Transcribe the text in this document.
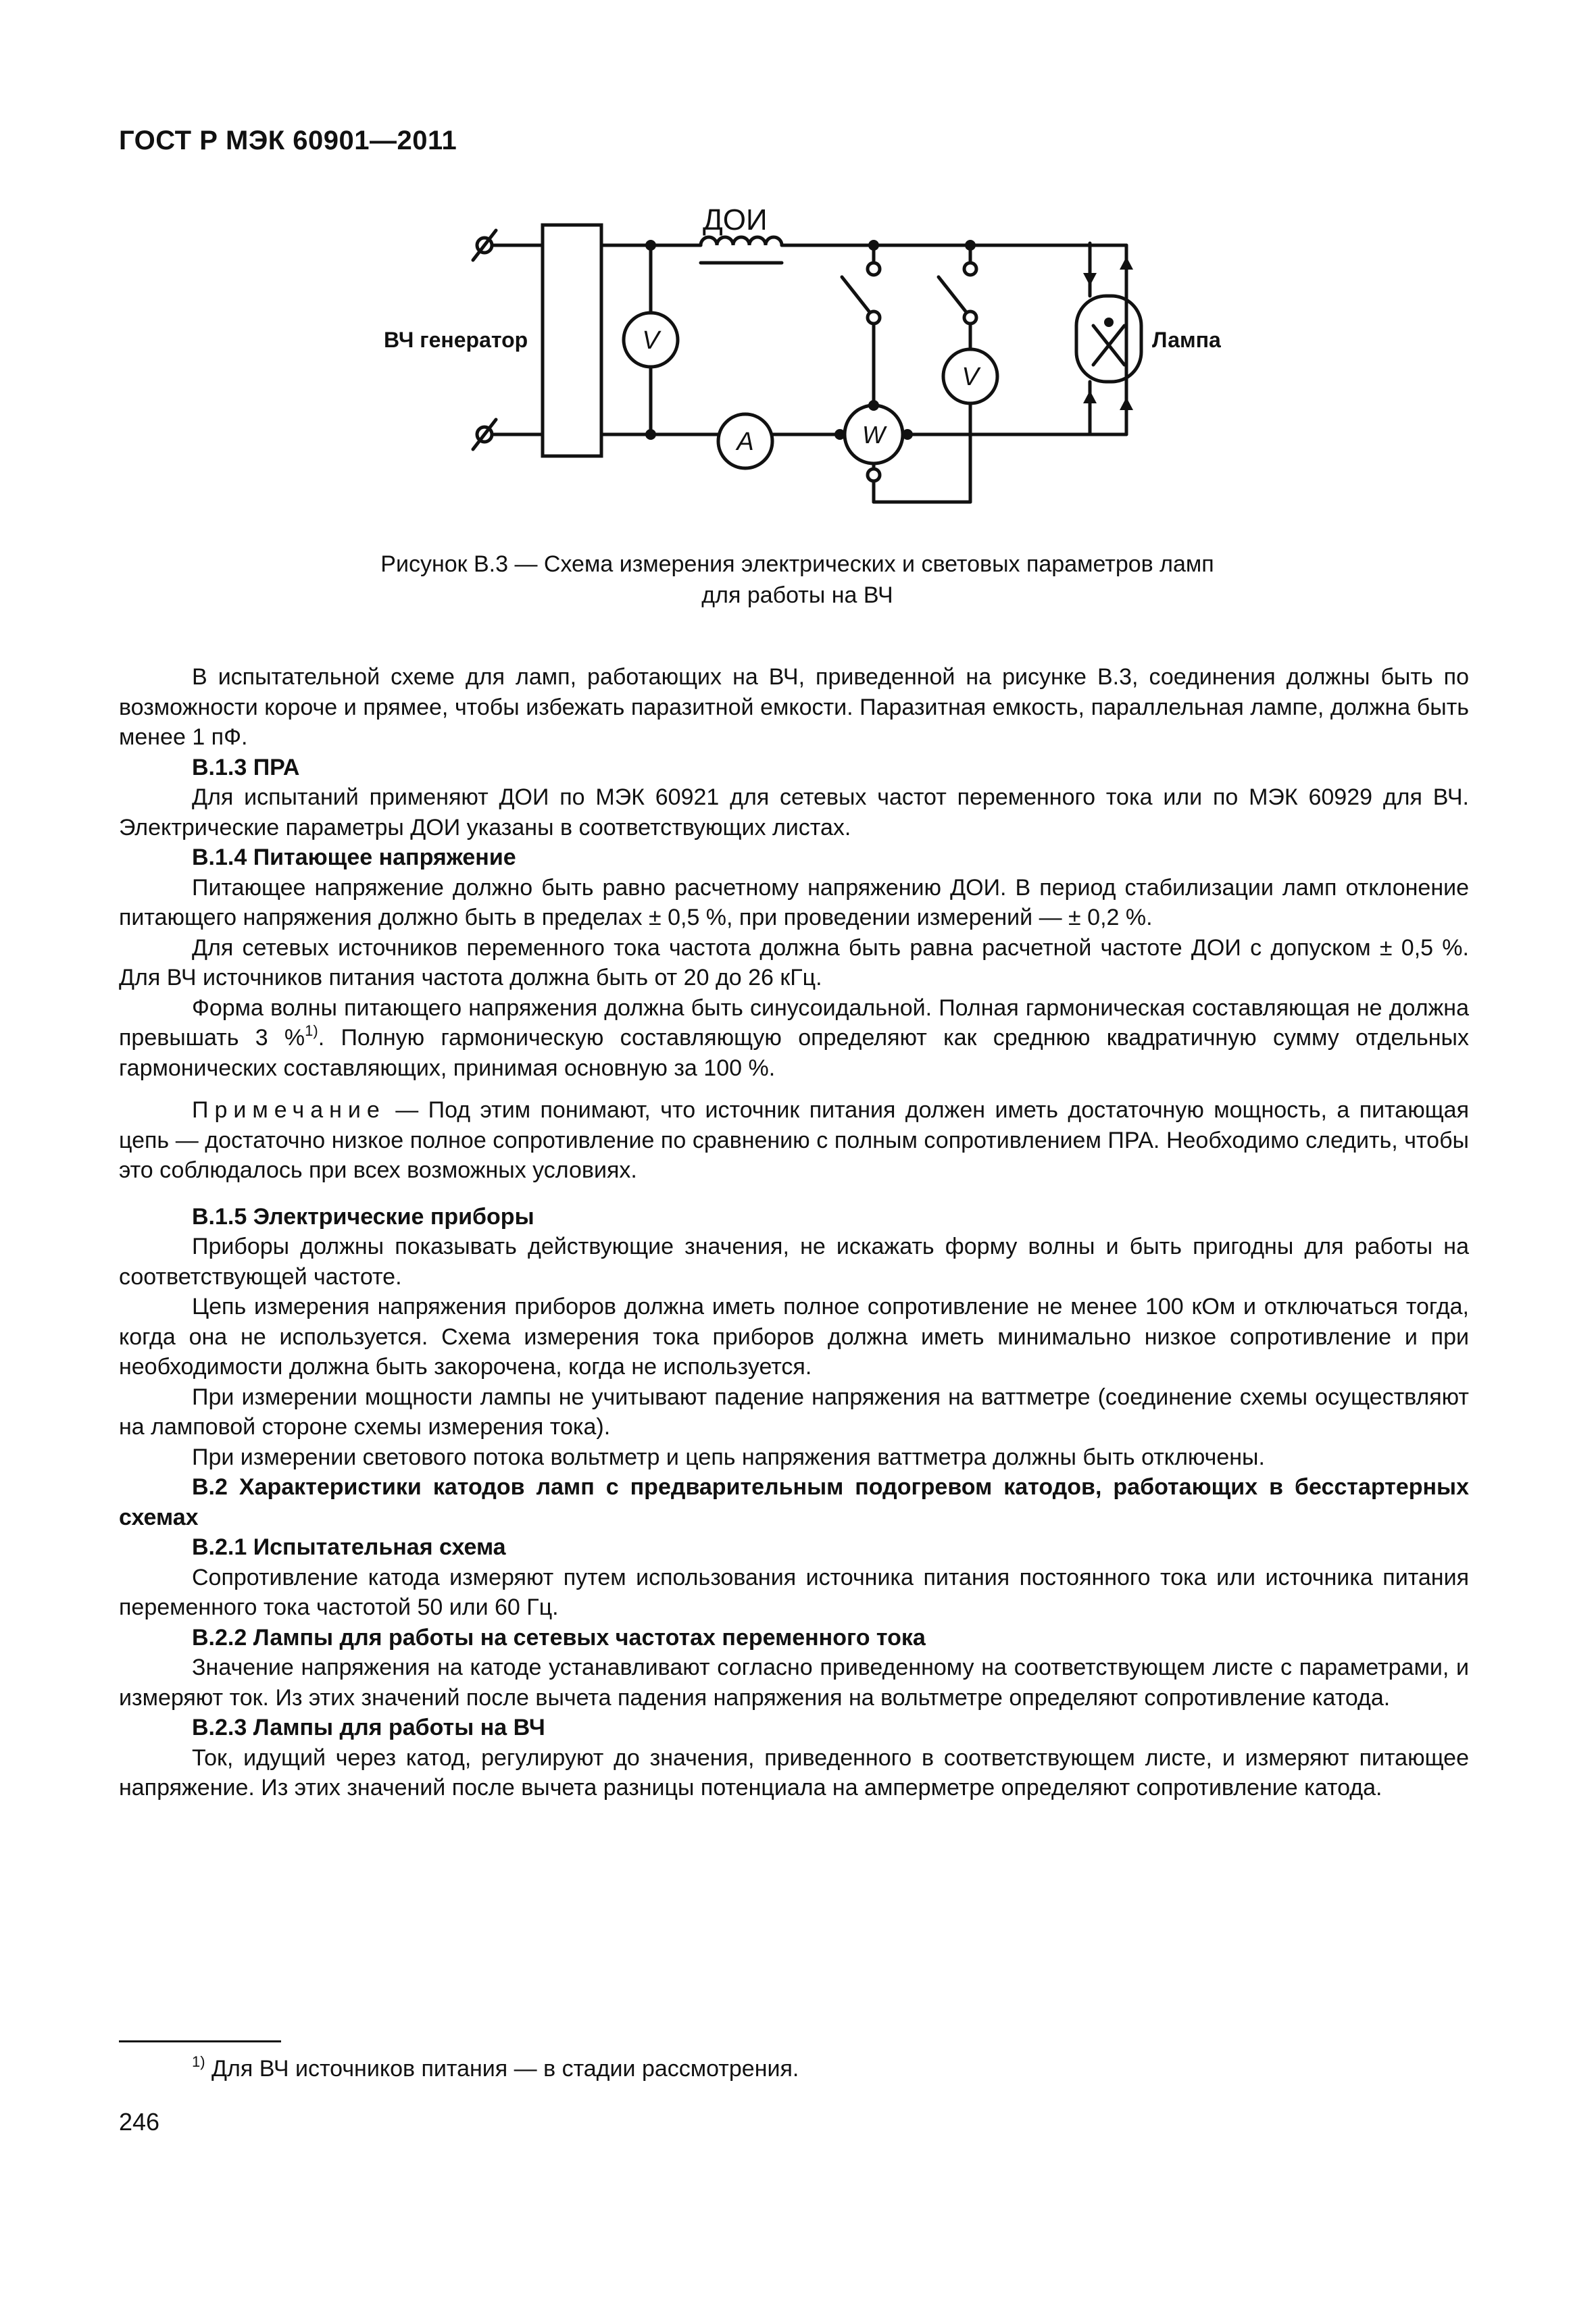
ГОСТ Р МЭК 60901—2011
ВЧ генератор
ДОИ
Лампа
V
A	W
V
Рисунок В.3 — Схема измерения электрических и световых параметров ламп
для работы на ВЧ

В испытательной схеме для ламп, работающих на ВЧ, приведенной на рисунке В.3, соединения должны быть по возможности короче и прямее, чтобы избежать паразитной емкости. Паразитная емкость, параллельная лампе, должна быть менее 1 пФ.

В.1.3 ПРА

Для испытаний применяют ДОИ по МЭК 60921 для сетевых частот переменного тока или по МЭК 60929 для ВЧ. Электрические параметры ДОИ указаны в соответствующих листах.

В.1.4 Питающее напряжение

Питающее напряжение должно быть равно расчетному напряжению ДОИ. В период стабилизации ламп отклонение питающего напряжения должно быть в пределах ± 0,5 %, при проведении измерений — ± 0,2 %.

Для сетевых источников переменного тока частота должна быть равна расчетной частоте ДОИ с допуском ± 0,5 %. Для ВЧ источников питания частота должна быть от 20 до 26 кГц.

Форма волны питающего напряжения должна быть синусоидальной. Полная гармоническая составляющая не должна превышать 3 %$^{1)}$. Полную гармоническую составляющую определяют как среднюю квадратичную сумму отдельных гармонических составляющих, принимая основную за 100 %.

Примечание — Под этим понимают, что источник питания должен иметь достаточную мощность, а питающая цепь — достаточно низкое полное сопротивление по сравнению с полным сопротивлением ПРА. Необходимо следить, чтобы это соблюдалось при всех возможных условиях.

В.1.5 Электрические приборы

Приборы должны показывать действующие значения, не искажать форму волны и быть пригодны для работы на соответствующей частоте.

Цепь измерения напряжения приборов должна иметь полное сопротивление не менее 100 кОм и отключаться тогда, когда она не используется. Схема измерения тока приборов должна иметь минимально низкое сопротивление и при необходимости должна быть закорочена, когда не используется.

При измерении мощности лампы не учитывают падение напряжения на ваттметре (соединение схемы осуществляют на ламповой стороне схемы измерения тока).

При измерении светового потока вольтметр и цепь напряжения ваттметра должны быть отключены.

В.2 Характеристики катодов ламп с предварительным подогревом катодов, работающих в бесстартерных схемах

В.2.1 Испытательная схема

Сопротивление катода измеряют путем использования источника питания постоянного тока или источника питания переменного тока частотой 50 или 60 Гц.

В.2.2 Лампы для работы на сетевых частотах переменного тока

Значение напряжения на катоде устанавливают согласно приведенному на соответствующем листе с параметрами, и измеряют ток. Из этих значений после вычета падения напряжения на вольтметре определяют сопротивление катода.

В.2.3 Лампы для работы на ВЧ

Ток, идущий через катод, регулируют до значения, приведенного в соответствующем листе, и измеряют питающее напряжение. Из этих значений после вычета разницы потенциала на амперметре определяют сопротивление катода.

$^{1)}$ Для ВЧ источников питания — в стадии рассмотрения.
246
